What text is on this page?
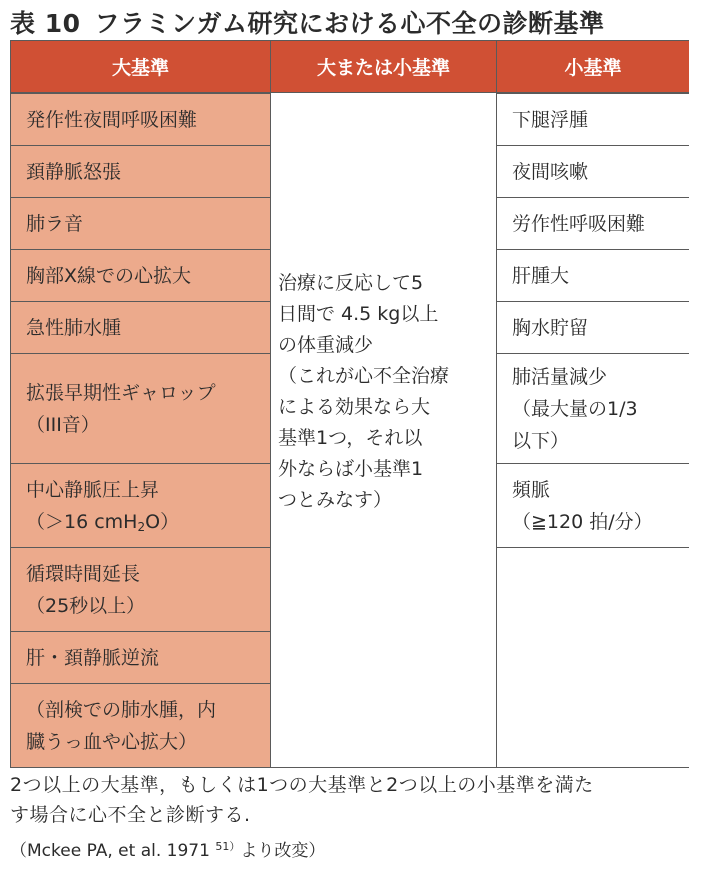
表 10 フラミンガム研究における心不全の診断基準
大基準	大または小基準	小基準
発作性夜間呼吸困難
頚静脈怒張
肺ラ音
胸部X線での心拡大
急性肺水腫
拡張早期性ギャロップ
（III音）
中心静脈圧上昇
（＞16 cmH$_2$O）
循環時間延長
（25秒以上）
肝・頚静脈逆流
（剖検での肺水腫，内
臓うっ血や心拡大）
下腿浮腫
夜間咳嗽
労作性呼吸困難
肝腫大
胸水貯留
肺活量減少
（最大量の1/3
以下）
頻脈
（≧120 拍/分）
治療に反応して5
日間で 4.5 kg以上
の体重減少
（これが心不全治療
による効果なら大
基準1つ，それ以
外ならば小基準1
つとみなす）
2つ以上の大基準，もしくは1つの大基準と2つ以上の小基準を満た
す場合に心不全と診断する.
（Mckee PA, et al. 1971 $^{51)}$より改変）
